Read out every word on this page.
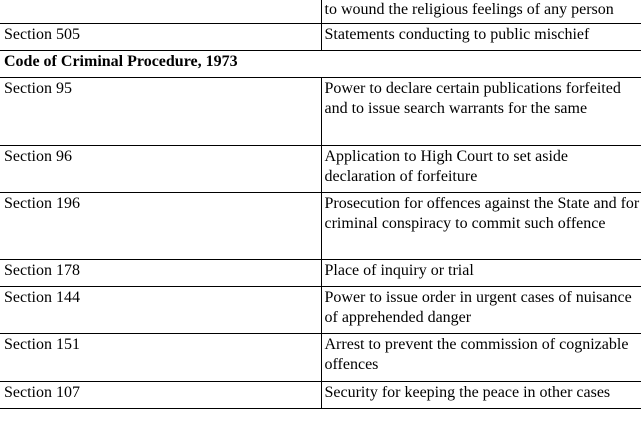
	to wound the religious feelings of any person
Section 505	Statements conducting to public mischief
Code of Criminal Procedure, 1973	
Section 95	Power to declare certain publications forfeited and to issue search warrants for the same
Section 96	Application to High Court to set aside declaration of forfeiture
Section 196	Prosecution for offences against the State and for criminal conspiracy to commit such offence
Section 178	Place of inquiry or trial
Section 144	Power to issue order in urgent cases of nuisance of apprehended danger
Section 151	Arrest to prevent the commission of cognizable offences
Section 107	Security for keeping the peace in other cases
